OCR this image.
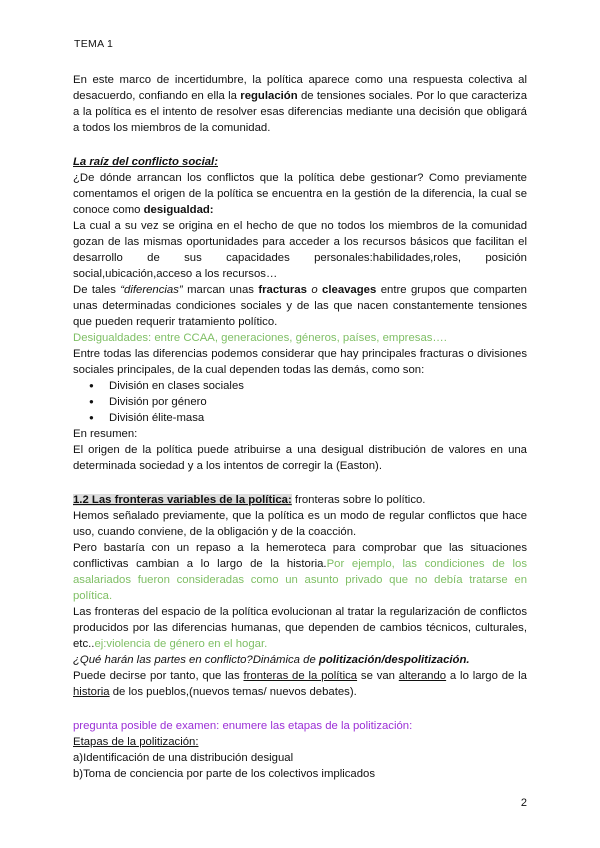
TEMA 1

En este marco de incertidumbre, la política aparece como una respuesta colectiva al desacuerdo, confiando en ella la regulación de tensiones sociales. Por lo que caracteriza a la política es el intento de resolver esas diferencias mediante una decisión que obligará a todos los miembros de la comunidad.

La raíz del conflicto social:

¿De dónde arrancan los conflictos que la política debe gestionar? Como previamente comentamos el origen de la política se encuentra en la gestión de la diferencia, la cual se conoce como desigualdad:

La cual a su vez se origina en el hecho de que no todos los miembros de la comunidad gozan de las mismas oportunidades para acceder a los recursos básicos que facilitan el desarrollo de sus capacidades personales:habilidades,roles, posición social,ubicación,acceso a los recursos…

De tales “diferencias” marcan unas fracturas o cleavages entre grupos que comparten unas determinadas condiciones sociales y de las que nacen constantemente tensiones que pueden requerir tratamiento político.

Desigualdades: entre CCAA, generaciones, géneros, países, empresas….

Entre todas las diferencias podemos considerar que hay principales fracturas o divisiones sociales principales, de la cual dependen todas las demás, como son:

● División en clases sociales
● División por género
● División élite-masa

En resumen:

El origen de la política puede atribuirse a una desigual distribución de valores en una determinada sociedad y a los intentos de corregir la (Easton).

1.2 Las fronteras variables de la política: fronteras sobre lo político.

Hemos señalado previamente, que la política es un modo de regular conflictos que hace uso, cuando conviene, de la obligación y de la coacción.

Pero bastaría con un repaso a la hemeroteca para comprobar que las situaciones conflictivas cambian a lo largo de la historia.Por ejemplo, las condiciones de los asalariados fueron consideradas como un asunto privado que no debía tratarse en política.

Las fronteras del espacio de la política evolucionan al tratar la regularización de conflictos producidos por las diferencias humanas, que dependen de cambios técnicos, culturales, etc..ej:violencia de género en el hogar.

¿Qué harán las partes en conflicto?Dinámica de politización/despolitización.

Puede decirse por tanto, que las fronteras de la política se van alterando a lo largo de la historia de los pueblos,(nuevos temas/ nuevos debates).

pregunta posible de examen: enumere las etapas de la politización:

Etapas de la politización:

a)Identificación de una distribución desigual

b)Toma de conciencia por parte de los colectivos implicados

2
